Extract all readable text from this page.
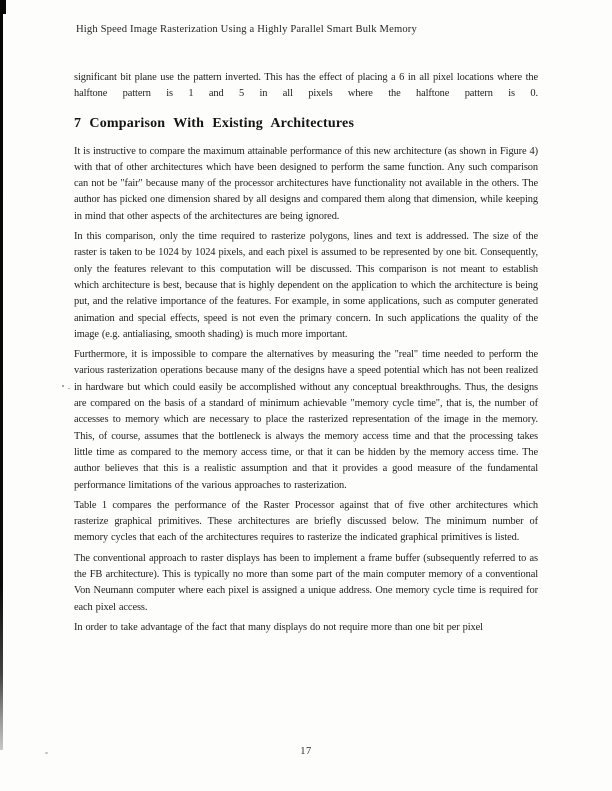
High Speed Image Rasterization Using a Highly Parallel Smart Bulk Memory

significant bit plane use the pattern inverted. This has the effect of placing a 6 in all pixel locations where the halftone pattern is 1 and 5 in all pixels where the halftone pattern is 0.

7 Comparison With Existing Architectures

It is instructive to compare the maximum attainable performance of this new architecture (as shown in Figure 4) with that of other architectures which have been designed to perform the same function. Any such comparison can not be "fair" because many of the processor architectures have functionality not available in the others. The author has picked one dimension shared by all designs and compared them along that dimension, while keeping in mind that other aspects of the architectures are being ignored.

In this comparison, only the time required to rasterize polygons, lines and text is addressed. The size of the raster is taken to be 1024 by 1024 pixels, and each pixel is assumed to be represented by one bit. Consequently, only the features relevant to this computation will be discussed. This comparison is not meant to establish which architecture is best, because that is highly dependent on the application to which the architecture is being put, and the relative importance of the features. For example, in some applications, such as computer generated animation and special effects, speed is not even the primary concern. In such applications the quality of the image (e.g. antialiasing, smooth shading) is much more important.

Furthermore, it is impossible to compare the alternatives by measuring the "real" time needed to perform the various rasterization operations because many of the designs have a speed potential which has not been realized in hardware but which could easily be accomplished without any conceptual breakthroughs. Thus, the designs are compared on the basis of a standard of minimum achievable "memory cycle time", that is, the number of accesses to memory which are necessary to place the rasterized representation of the image in the memory. This, of course, assumes that the bottleneck is always the memory access time and that the processing takes little time as compared to the memory access time, or that it can be hidden by the memory access time. The author believes that this is a realistic assumption and that it provides a good measure of the fundamental performance limitations of the various approaches to rasterization.

Table 1 compares the performance of the Raster Processor against that of five other architectures which rasterize graphical primitives. These architectures are briefly discussed below. The minimum number of memory cycles that each of the architectures requires to rasterize the indicated graphical primitives is listed.

The conventional approach to raster displays has been to implement a frame buffer (subsequently referred to as the FB architecture). This is typically no more than some part of the main computer memory of a conventional Von Neumann computer where each pixel is assigned a unique address. One memory cycle time is required for each pixel access.

In order to take advantage of the fact that many displays do not require more than one bit per pixel

17
